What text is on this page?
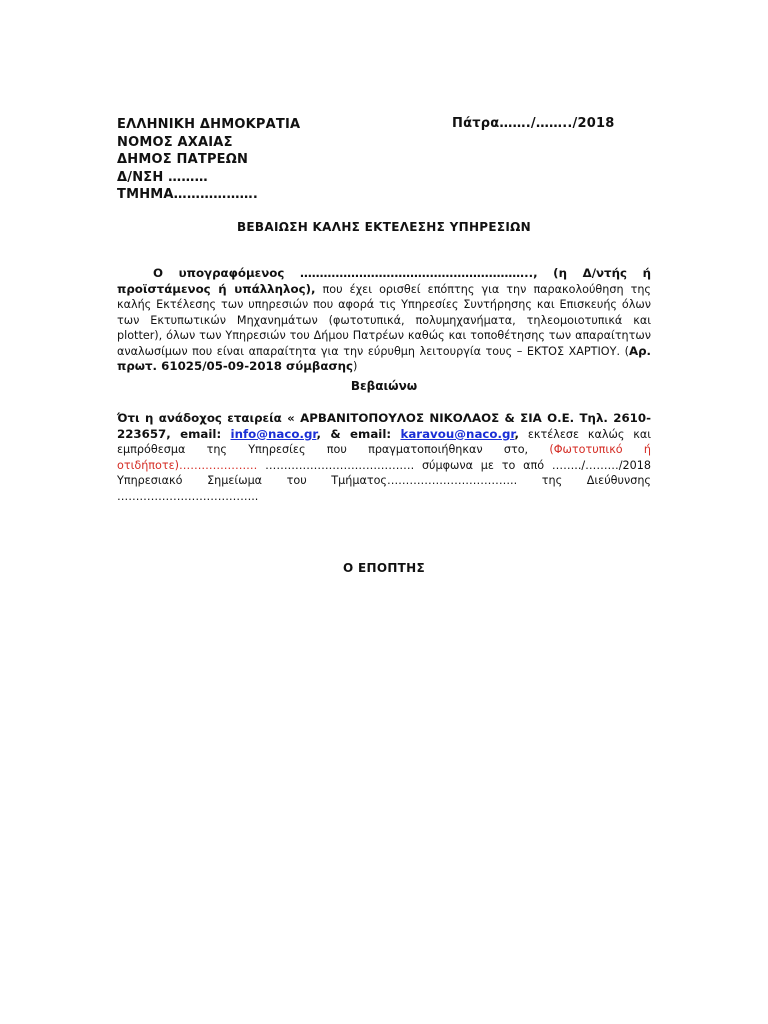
ΕΛΛΗΝΙΚΗ ΔΗΜΟΚΡΑΤΙΑ
ΝΟΜΟΣ ΑΧΑΙΑΣ
ΔΗΜΟΣ ΠΑΤΡΕΩΝ
Δ/ΝΣΗ ………
ΤΜΗΜΑ……………….
Πάτρα……./……../2018
ΒΕΒΑΙΩΣΗ ΚΑΛΗΣ ΕΚΤΕΛΕΣΗΣ ΥΠΗΡΕΣΙΩΝ
Ο υπογραφόμενος ………………………………………………….., (η Δ/ντής ή προϊστάμενος ή υπάλληλος), που έχει ορισθεί επόπτης για την παρακολούθηση της καλής Εκτέλεσης των υπηρεσιών που αφορά τις Υπηρεσίες Συντήρησης και Επισκευής όλων των Εκτυπωτικών Μηχανημάτων (φωτοτυπικά, πολυμηχανήματα, τηλεομοιοτυπικά και plotter), όλων των Υπηρεσιών του Δήμου Πατρέων καθώς και τοποθέτησης των απαραίτητων αναλωσίμων που είναι απαραίτητα για την εύρυθμη λειτουργία τους – ΕΚΤΟΣ ΧΑΡΤΙΟΥ. (Αρ. πρωτ. 61025/05-09-2018 σύμβασης)
Βεβαιώνω
Ότι η ανάδοχος εταιρεία « ΑΡΒΑΝΙΤΟΠΟΥΛΟΣ ΝΙΚΟΛΑΟΣ & ΣΙΑ Ο.Ε. Τηλ. 2610-223657, email: info@naco.gr, & email: karavou@naco.gr, εκτέλεσε καλώς και εμπρόθεσμα της Υπηρεσίες που πραγματοποιήθηκαν στο, (Φωτοτυπικό ή οτιδήποτε)………………… …………………………………. σύμφωνα με το από ……../………/2018 Υπηρεσιακό Σημείωμα του Τμήματος…………………………….. της Διεύθυνσης ………………………………..
Ο ΕΠΟΠΤΗΣ
